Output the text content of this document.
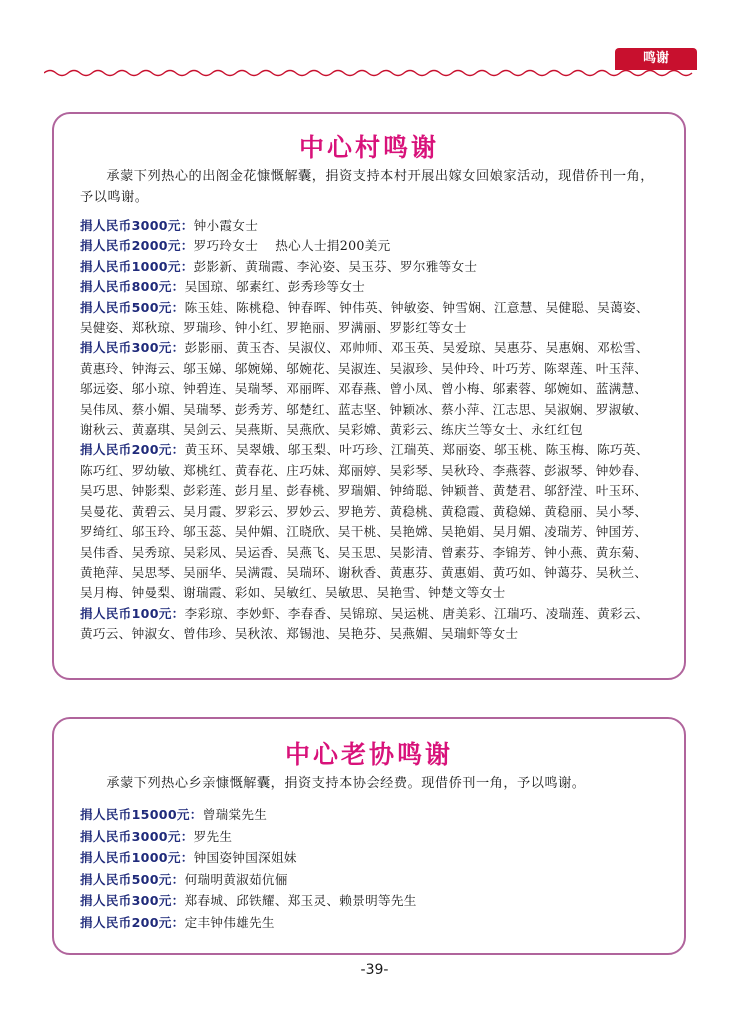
鸣谢
中心村鸣谢

承蒙下列热心的出阁金花慷慨解囊，捐资支持本村开展出嫁女回娘家活动，现借侨刊一角，予以鸣谢。

捐人民币3000元：钟小霞女士

捐人民币2000元：罗巧玲女士　 热心人士捐200美元

捐人民币1000元：彭影新、黄瑞霞、李沁姿、吴玉芬、罗尔雅等女士

捐人民币800元：吴国琼、邬素红、彭秀珍等女士

捐人民币500元：陈玉娃、陈桃稳、钟春晖、钟伟英、钟敏姿、钟雪娴、江意慧、吴健聪、吴蔼姿、吴健姿、郑秋琼、罗瑞珍、钟小红、罗艳丽、罗满丽、罗影红等女士

捐人民币300元：彭影丽、黄玉杏、吴淑仪、邓帅师、邓玉英、吴爱琼、吴惠芬、吴惠娴、邓松雪、黄惠玲、钟海云、邬玉娣、邬婉娣、邬婉花、吴淑连、吴淑珍、吴仲玲、叶巧芳、陈翠莲、叶玉萍、邬远姿、邬小琼、钟碧连、吴瑞琴、邓丽晖、邓春燕、曾小凤、曾小梅、邬素蓉、邬婉如、蓝满慧、吴伟凤、蔡小媚、吴瑞琴、彭秀芳、邬楚红、蓝志坚、钟颖冰、蔡小萍、江志思、吴淑娴、罗淑敏、谢秋云、黄嘉琪、吴剑云、吴燕斯、吴燕欣、吴彩嫦、黄彩云、练庆兰等女士、永红红包

捐人民币200元：黄玉环、吴翠娥、邬玉梨、叶巧珍、江瑞英、郑丽姿、邬玉桃、陈玉梅、陈巧英、陈巧红、罗幼敏、郑桃红、黄春花、庄巧妹、郑丽婷、吴彩琴、吴秋玲、李燕蓉、彭淑琴、钟妙春、吴巧思、钟影梨、彭彩莲、彭月星、彭春桃、罗瑞媚、钟绮聪、钟颖普、黄楚君、邬舒滢、叶玉环、吴曼花、黄碧云、吴月霞、罗彩云、罗妙云、罗艳芳、黄稳桃、黄稳霞、黄稳娣、黄稳丽、吴小琴、罗绮红、邬玉玲、邬玉蕊、吴仲媚、江晓欣、吴干桃、吴艳嫦、吴艳娟、吴月媚、凌瑞芳、钟国芳、吴伟香、吴秀琼、吴彩凤、吴运香、吴燕飞、吴玉思、吴影清、曾素芬、李锦芳、钟小燕、黄东菊、黄艳萍、吴思琴、吴丽华、吴满霞、吴瑞环、谢秋香、黄惠芬、黄惠娟、黄巧如、钟蔼芬、吴秋兰、吴月梅、钟曼梨、谢瑞霞、彩如、吴敏红、吴敏思、吴艳雪、钟楚文等女士

捐人民币100元：李彩琼、李妙虾、李春香、吴锦琼、吴运桃、唐美彩、江瑞巧、凌瑞莲、黄彩云、黄巧云、钟淑女、曾伟珍、吴秋浓、郑锡池、吴艳芬、吴燕媚、吴瑞虾等女士

中心老协鸣谢

承蒙下列热心乡亲慷慨解囊，捐资支持本协会经费。现借侨刊一角，予以鸣谢。

捐人民币15000元：曾瑞棠先生

捐人民币3000元：罗先生

捐人民币1000元：钟国姿钟国深姐妹

捐人民币500元：何瑞明黄淑茹伉俪

捐人民币300元：郑春城、邱铁耀、郑玉灵、赖景明等先生

捐人民币200元：定丰钟伟雄先生

-39-
